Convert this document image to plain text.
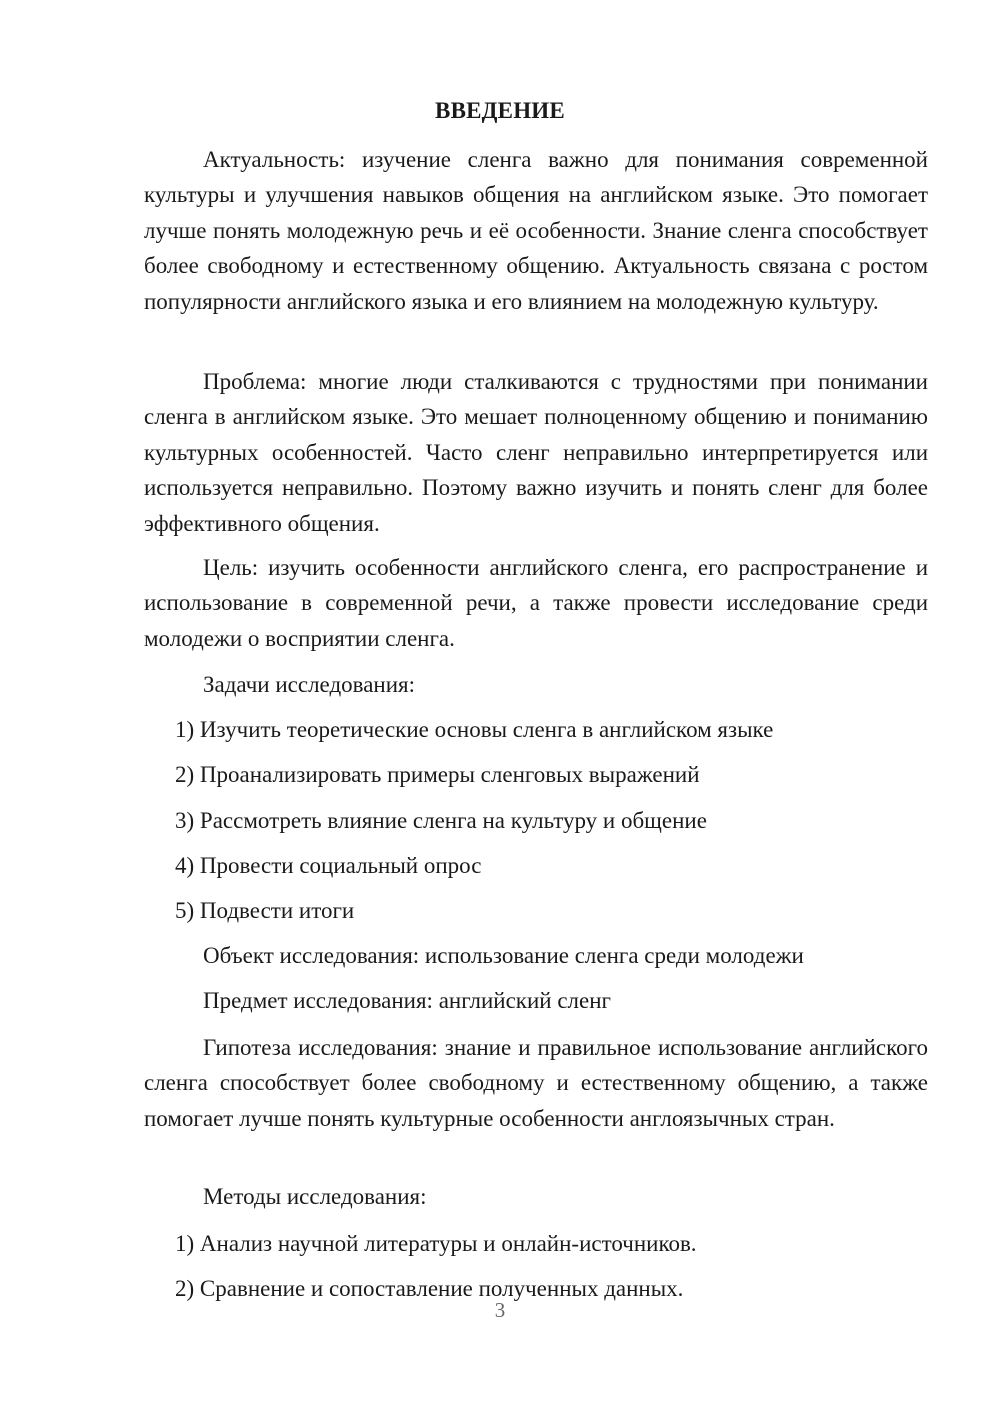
ВВЕДЕНИЕ

Актуальность: изучение сленга важно для понимания современной культуры и улучшения навыков общения на английском языке. Это помогает лучше понять молодежную речь и её особенности. Знание сленга способствует более свободному и естественному общению. Актуальность связана с ростом популярности английского языка и его влиянием на молодежную культуру.

Проблема: многие люди сталкиваются с трудностями при понимании сленга в английском языке. Это мешает полноценному общению и пониманию культурных особенностей. Часто сленг неправильно интерпретируется или используется неправильно. Поэтому важно изучить и понять сленг для более эффективного общения.

Цель: изучить особенности английского сленга, его распространение и использование в современной речи, а также провести исследование среди молодежи о восприятии сленга.

Задачи исследования:
1) Изучить теоретические основы сленга в английском языке
2) Проанализировать примеры сленговых выражений
3) Рассмотреть влияние сленга на культуру и общение
4) Провести социальный опрос
5) Подвести итоги
Объект исследования: использование сленга среди молодежи
Предмет исследования: английский сленг

Гипотеза исследования: знание и правильное использование английского сленга способствует более свободному и естественному общению, а также помогает лучше понять культурные особенности англоязычных стран.

Методы исследования:
1) Анализ научной литературы и онлайн-источников.
2) Сравнение и сопоставление полученных данных.
3
